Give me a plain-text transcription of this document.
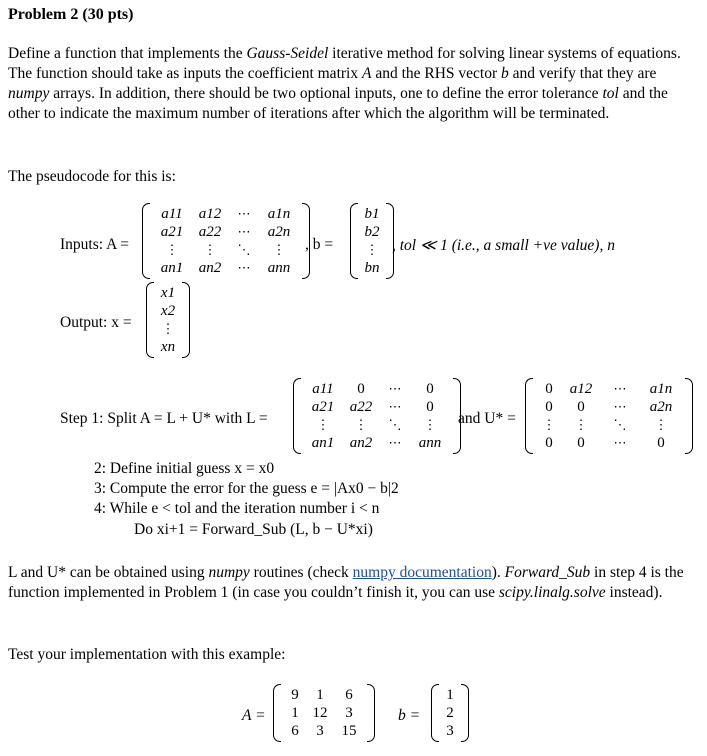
Problem 2 (30 pts)
Define a function that implements the Gauss-Seidel iterative method for solving linear systems of equations. The function should take as inputs the coefficient matrix A and the RHS vector b and verify that they are numpy arrays. In addition, there should be two optional inputs, one to define the error tolerance tol and the other to indicate the maximum number of iterations after which the algorithm will be terminated.
The pseudocode for this is:
Inputs: A =
a11	a12	⋯	a1n
a21	a22	⋯	a2n
⋮	⋮	⋱	⋮
an1	an2	⋯	ann
, b =
b1
b2
⋮
bn
, tol ≪ 1 (i.e., a small +ve value), n
Output: x =
x1
x2
⋮
xn
Step 1: Split A = L + U* with L =
a11	0	⋯	0
a21	a22	⋯	0
⋮	⋮	⋱	⋮
an1	an2	⋯	ann
and U* =
0	a12	⋯	a1n
0	0	⋯	a2n
⋮	⋮	⋱	⋮
0	0	⋯	0
2: Define initial guess x = x0
3: Compute the error for the guess e = |Ax0 − b|2
4: While e < tol and the iteration number i < n
Do xi+1 = Forward_Sub (L, b − U*xi)
L and U* can be obtained using numpy routines (check numpy documentation). Forward_Sub in step 4 is the function implemented in Problem 1 (in case you couldn’t finish it, you can use scipy.linalg.solve instead).
Test your implementation with this example:
A =
9	1	6
1 12	3
6	3	15
b =
1
2
3
